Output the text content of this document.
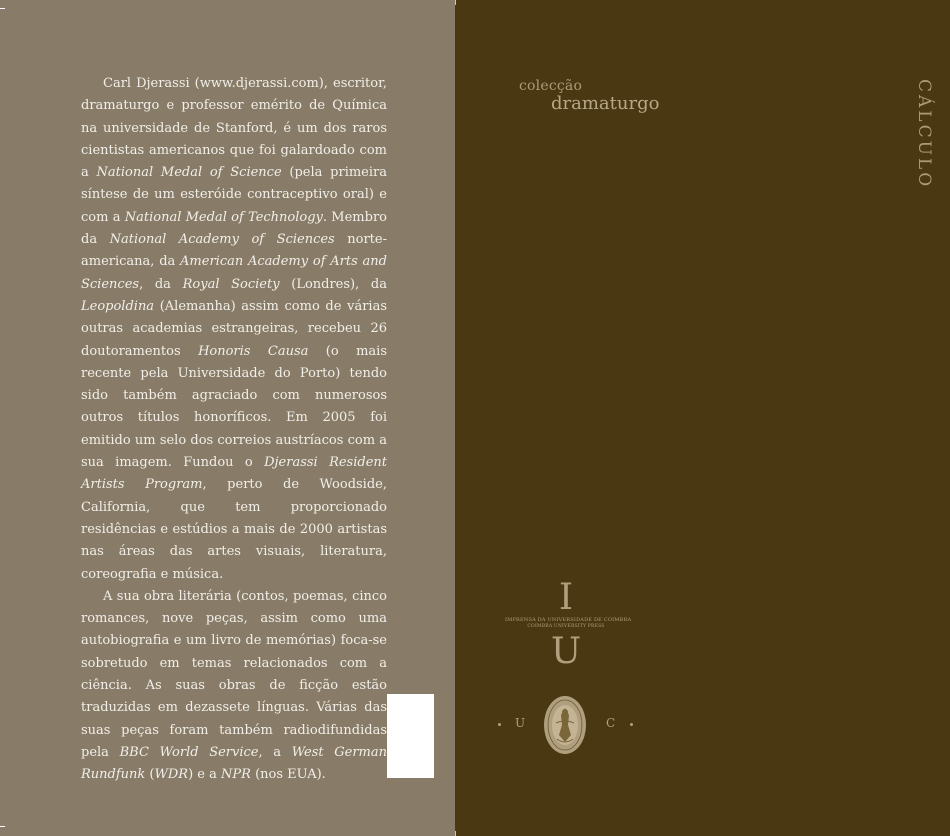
Carl Djerassi (www.djerassi.com), escritor, dramaturgo e professor emérito de Química na universidade de Stanford, é um dos raros cientistas americanos que foi galardoado com a National Medal of Science (pela primeira síntese de um esteróide contraceptivo oral) e com a National Medal of Technology. Membro da National Academy of Sciences norte-americana, da American Academy of Arts and Sciences, da Royal Society (Londres), da Leopoldina (Alemanha) assim como de várias outras academias estrangeiras, recebeu 26 doutoramentos Honoris Causa (o mais recente pela Universidade do Porto) tendo sido também agraciado com numerosos outros títulos honoríficos. Em 2005 foi emitido um selo dos correios austríacos com a sua imagem. Fundou o Djerassi Resident Artists Program, perto de Woodside, California, que tem proporcionado residências e estúdios a mais de 2000 artistas nas áreas das artes visuais, literatura, coreografia e música.

A sua obra literária (contos, poemas, cinco romances, nove peças, assim como uma autobiografia e um livro de memórias) foca-se sobretudo em temas relacionados com a ciência. As suas obras de ficção estão traduzidas em dezassete línguas. Várias das suas peças foram também radiodifundidas pela BBC World Service, a West German Rundfunk (WDR) e a NPR (nos EUA).

colecção
dramaturgo	CÁLCULO
I
IMPRENSA DA UNIVERSIDADE DE COIMBRA
COIMBRA UNIVERSITY PRESS
U
U	C
